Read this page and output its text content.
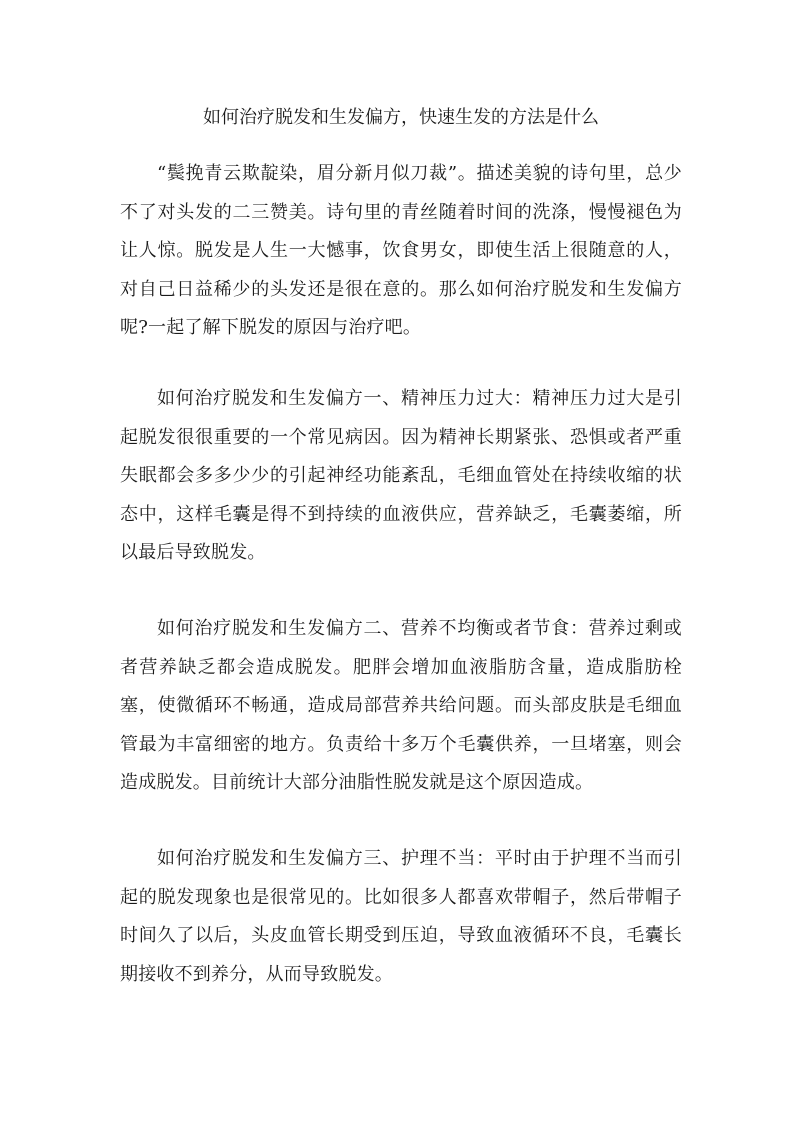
如何治疗脱发和生发偏方，快速生发的方法是什么

“鬓挽青云欺靛染，眉分新月似刀裁”。描述美貌的诗句里，总少不了对头发的二三赞美。诗句里的青丝随着时间的洗涤，慢慢褪色为让人惊。脱发是人生一大憾事，饮食男女，即使生活上很随意的人，对自己日益稀少的头发还是很在意的。那么如何治疗脱发和生发偏方呢?一起了解下脱发的原因与治疗吧。

如何治疗脱发和生发偏方一、精神压力过大：精神压力过大是引起脱发很很重要的一个常见病因。因为精神长期紧张、恐惧或者严重失眠都会多多少少的引起神经功能紊乱，毛细血管处在持续收缩的状态中，这样毛囊是得不到持续的血液供应，营养缺乏，毛囊萎缩，所以最后导致脱发。

如何治疗脱发和生发偏方二、营养不均衡或者节食：营养过剩或者营养缺乏都会造成脱发。肥胖会增加血液脂肪含量，造成脂肪栓塞，使微循环不畅通，造成局部营养共给问题。而头部皮肤是毛细血管最为丰富细密的地方。负责给十多万个毛囊供养，一旦堵塞，则会造成脱发。目前统计大部分油脂性脱发就是这个原因造成。

如何治疗脱发和生发偏方三、护理不当：平时由于护理不当而引起的脱发现象也是很常见的。比如很多人都喜欢带帽子，然后带帽子时间久了以后，头皮血管长期受到压迫，导致血液循环不良，毛囊长期接收不到养分，从而导致脱发。
